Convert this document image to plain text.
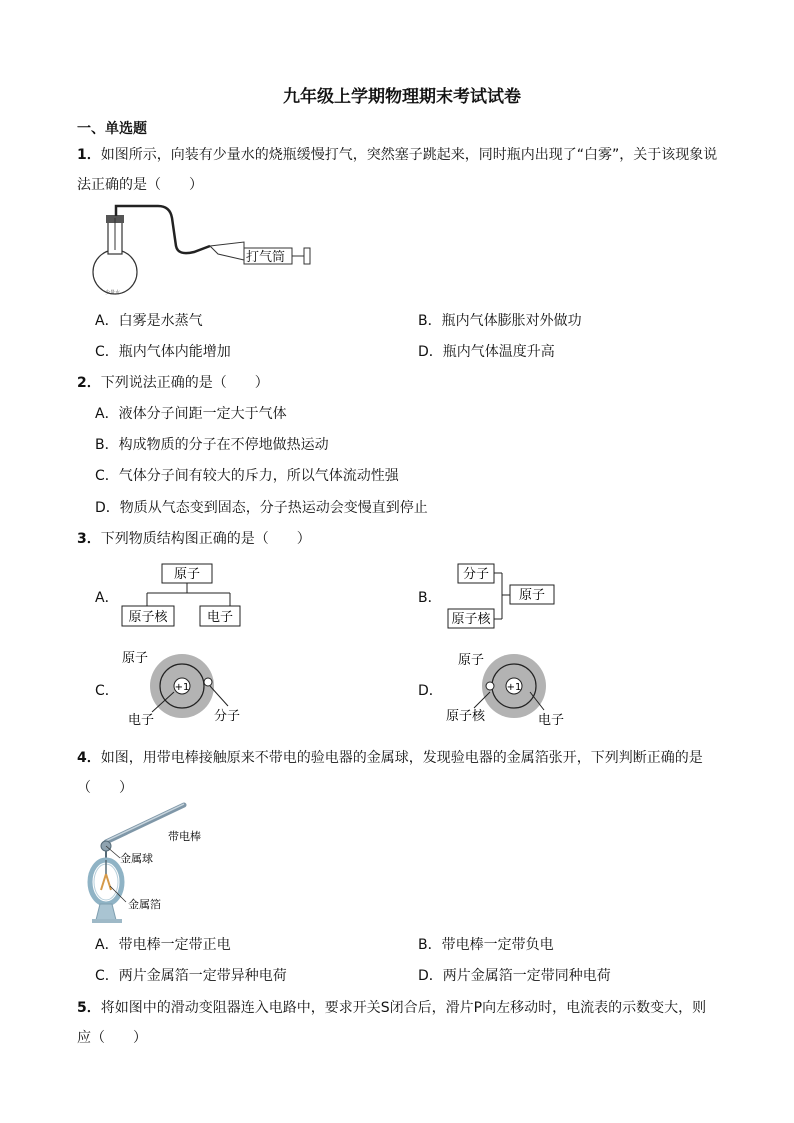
九年级上学期物理期末考试试卷
一、单选题
1．如图所示，向装有少量水的烧瓶缓慢打气，突然塞子跳起来，同时瓶内出现了“白雾”，关于该现象说
法正确的是（　　）
少量水
打气筒
A．白雾是水蒸气	B．瓶内气体膨胀对外做功
C．瓶内气体内能增加	D．瓶内气体温度升高
2．下列说法正确的是（　　）
A．液体分子间距一定大于气体
B．构成物质的分子在不停地做热运动
C．气体分子间有较大的斥力，所以气体流动性强
D．物质从气态变到固态，分子热运动会变慢直到停止
3．下列物质结构图正确的是（　　）
A．
原子
原子核	电子
B．
分子
原子核
原子
C．
原子
+1
电子	分子
D．
原子
+1
原子核	电子
4．如图，用带电棒接触原来不带电的验电器的金属球，发现验电器的金属箔张开，下列判断正确的是
（　　）
带电棒
金属球
金属箔
A．带电棒一定带正电	B．带电棒一定带负电
C．两片金属箔一定带异种电荷	D．两片金属箔一定带同种电荷
5．将如图中的滑动变阻器连入电路中，要求开关S闭合后，滑片P向左移动时，电流表的示数变大，则
应（　　）
